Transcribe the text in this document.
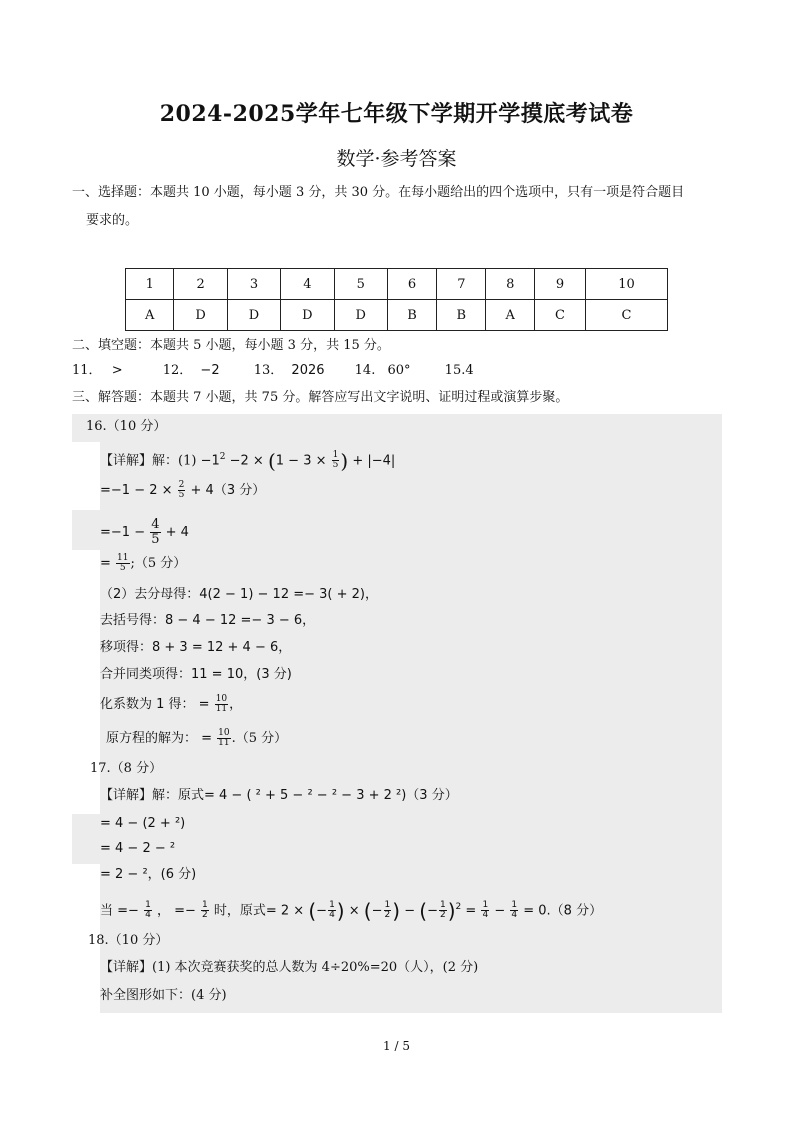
2024-2025学年七年级下学期开学摸底考试卷
数学·参考答案
一、选择题：本题共 10 小题，每小题 3 分，共 30 分。在每小题给出的四个选项中，只有一项是符合题目
要求的。
1	2	3	4	5	6	7	8	9	10
A	D	D	D	D	B	B	A	C	C
二、填空题：本题共 5 小题，每小题 3 分，共 15 分。
11． >	12． −2	13． 2026 14. 60°	15.4
三、解答题：本题共 7 小题，共 75 分。解答应写出文字说明、证明过程或演算步聚。
16.（10 分）
【详解】解：$(1) -1^2 -2 \times (1 - 3 \times \frac{1}{5}$ ) + |−4|
$=-1 - 2 \times \frac{2}{5} + 4(3$ 分）
$=-1 - \frac{4}{5} + 4$
= $\frac{11}{5}$ ;（5 分）
（2）去分母得：4(2 − 1) − 12 =− 3( + 2)，
去括号得：8 − 4 − 12 =− 3 − 6，
移项得：8 + 3 = 12 + 4 − 6，
合并同类项得：11 = 10，(3 分)
化系数为 1 得： = $\frac{10}{11}$ ，
原方程的解为： = $\frac{10}{11} .(5$ 分）
17.（8 分）
【详解】解：原式= 4 − ( ² + 5 − ² − ² − 3 + 2 ²)（3 分）
= 4 − (2 + ²)
= 4 − 2 − ²
= 2 − ²，(6 分)
当 =− $\frac{1}{4}$ ， =− $\frac{1}{2}$ 时，原式= 2 × (− $\frac{1}{4}$ ) × (− $\frac{1}{2}$ ) − (− $\frac{1}{2} )^2 = \frac{1}{4} - \frac{1}{4} = 0.(8$ 分）
18.（10 分）
【详解】(1) 本次竞赛获奖的总人数为 4÷20%=20（人），(2 分)
补全图形如下：(4 分)
1 / 5
